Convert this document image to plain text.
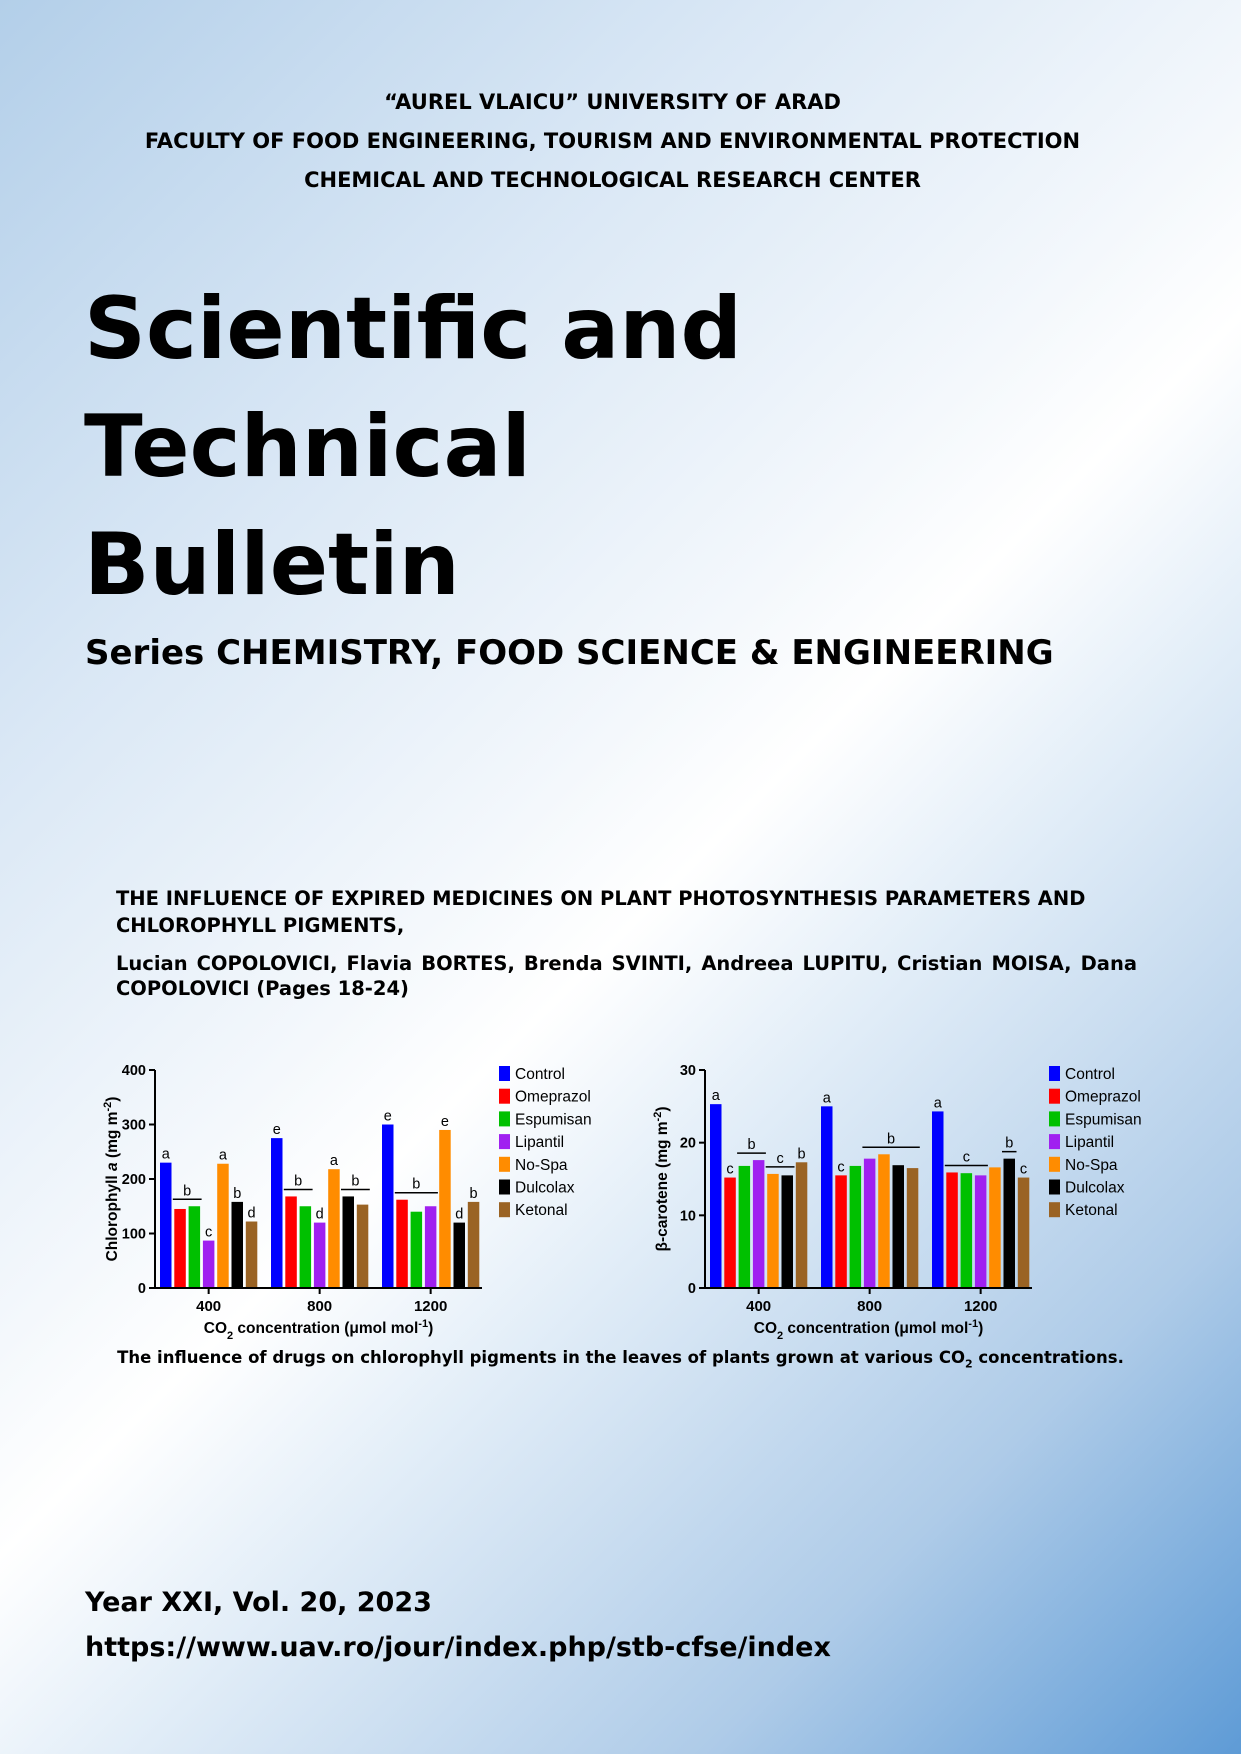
“AUREL VLAICU” UNIVERSITY OF ARAD
FACULTY OF FOOD ENGINEERING, TOURISM AND ENVIRONMENTAL PROTECTION
CHEMICAL AND TECHNOLOGICAL RESEARCH CENTER
Scientific and
Technical
Bulletin
Series CHEMISTRY, FOOD SCIENCE & ENGINEERING
THE INFLUENCE OF EXPIRED MEDICINES ON PLANT PHOTOSYNTHESIS PARAMETERS AND CHLOROPHYLL PIGMENTS,
Lucian COPOLOVICI, Flavia BORTES, Brenda SVINTI, Andreea LUPITU, Cristian MOISA, Dana COPOLOVICI (Pages 18-24)
a
e
e
c
d
a	a
e
b
d
d
b
b
b	b	b
0
100
200
300
400
400	800	1200
$CO_2$ concentration (μmol mol$^{-1}$)
Chlorophyll a (mg $m^{-2}$)
Control
Omeprazol
Espumisan
Lipantil
No-Spa
Dulcolax
Ketonal
a	a	a
c	c
b
c
b
c
b
c
b
0
10
20
30
400	800	1200
$CO_2$ concentration (μmol mol$^{-1}$)
β-carotene (mg $m^{-2}$)
Control
Omeprazol
Espumisan
Lipantil
No-Spa
Dulcolax
Ketonal
The influence of drugs on chlorophyll pigments in the leaves of plants grown at various $CO_2$ concentrations.
Year XXI, Vol. 20, 2023
https://www.uav.ro/jour/index.php/stb-cfse/index
